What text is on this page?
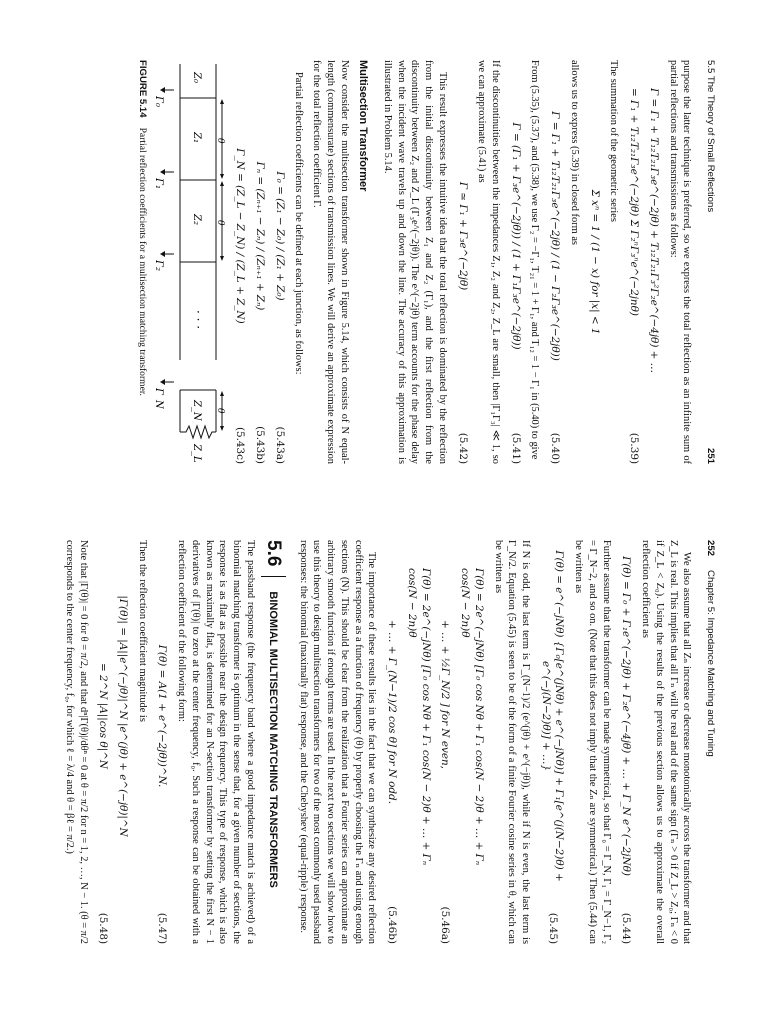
5.5 The Theory of Small Reflections
251

purpose the latter technique is preferred, so we express the total reflection as an infinite sum of partial reflections and transmissions as follows:

Γ = Γ₁ + T₁₂T₂₁Γ₃e^(−2jθ) + T₁₂T₂₁Γ₃²Γ₂e^(−4jθ) + …
= Γ₁ + T₁₂T₂₁Γ₃e^(−2jθ) Σ Γ₂ⁿΓ₃ⁿe^(−2jnθ)
(5.39)

The summation of the geometric series

Σ xⁿ = 1 / (1 − x) for |x| < 1

allows us to express (5.39) in closed form as

Γ = Γ₁ + T₁₂T₂₁Γ₃e^(−2jθ) / (1 − Γ₂Γ₃e^(−2jθ))
(5.40)

From (5.35), (5.37), and (5.38), we use Γ₂ = −Γ₁, T₂₁ = 1 + Γ₁, and T₁₂ = 1 − Γ₁ in (5.40) to give

Γ = (Γ₁ + Γ₃e^(−2jθ)) / (1 + Γ₁Γ₃e^(−2jθ))
(5.41)

If the discontinuities between the impedances Z₁, Z₂ and Z₂, Z_L are small, then |Γ₁Γ₃| ≪ 1, so we can approximate (5.41) as

Γ ≃ Γ₁ + Γ₃e^(−2jθ)
(5.42)

This result expresses the intuitive idea that the total reflection is dominated by the reflection from the initial discontinuity between Z₁ and Z₂ (Γ₁), and the first reflection from the discontinuity between Z₂ and Z_L (Γ₃e^(−2jθ)). The e^(−2jθ) term accounts for the phase delay when the incident wave travels up and down the line. The accuracy of this approximation is illustrated in Problem 5.14.

Multisection Transformer

Now consider the multisection transformer shown in Figure 5.14, which consists of N equal-length (commensurate) sections of transmission lines. We will derive an approximate expression for the total reflection coefficient Γ.

Partial reflection coefficients can be defined at each junction, as follows:

Γ₀ = (Z₁ − Z₀) / (Z₁ + Z₀)
(5.43a)
Γₙ = (Zₙ₊₁ − Zₙ) / (Zₙ₊₁ + Zₙ)
(5.43b)
Γ_N = (Z_L − Z_N) / (Z_L + Z_N)
(5.43c)
Z₀
Z₁
Z₂
· · ·
Z_N
Z_L
θ
θ
θ
Γ₀
Γ₁
Γ₂
Γ_N
FIGURE 5.14Partial reflection coefficients for a multisection matching transformer.
252
Chapter 5: Impedance Matching and Tuning

We also assume that all Zₙ increase or decrease monotonically across the transformer and that Z_L is real. This implies that all Γₙ will be real and of the same sign (Γₙ > 0 if Z_L > Z₀; Γₙ < 0 if Z_L < Z₀). Using the results of the previous section allows us to approximate the overall reflection coefficient as

Γ(θ) = Γ₀ + Γ₁e^(−2jθ) + Γ₂e^(−4jθ) + … + Γ_N e^(−2jNθ)
(5.44)

Further assume that the transformer can be made symmetrical, so that Γ₀ = Γ_N, Γ₁ = Γ_N−1, Γ₂ = Γ_N−2, and so on. (Note that this does not imply that the Zₙ are symmetrical.) Then (5.44) can be written as

Γ(θ) = e^(−jNθ) {Γ₀[e^(jNθ) + e^(−jNθ)] + Γ₁[e^(j(N−2)θ) + e^(−j(N−2)θ)] + …}
(5.45)

If N is odd, the last term is Γ_(N−1)/2 (e^(jθ) + e^(−jθ)), while if N is even, the last term is Γ_N/2. Equation (5.45) is seen to be of the form of a finite Fourier cosine series in θ, which can be written as

Γ(θ) = 2e^(−jNθ) [Γ₀ cos Nθ + Γ₁ cos(N − 2)θ + … + Γₙ cos(N − 2n)θ
+ … + ½Γ_N/2 ] for N even,
(5.46a)
Γ(θ) = 2e^(−jNθ) [Γ₀ cos Nθ + Γ₁ cos(N − 2)θ + … + Γₙ cos(N − 2n)θ
+ … + Γ_(N−1)/2 cos θ] for N odd.
(5.46b)

The importance of these results lies in the fact that we can synthesize any desired reflection coefficient response as a function of frequency (θ) by properly choosing the Γₙ and using enough sections (N). This should be clear from the realization that a Fourier series can approximate an arbitrary smooth function if enough terms are used. In the next two sections we will show how to use this theory to design multisection transformers for two of the most commonly used passband responses: the binomial (maximally flat) response, and the Chebyshev (equal-ripple) response.

5.6
BINOMIAL MULTISECTION MATCHING TRANSFORMERS

The passband response (the frequency band where a good impedance match is achieved) of a binomial matching transformer is optimum in the sense that, for a given number of sections, the response is as flat as possible near the design frequency. This type of response, which is also known as maximally flat, is determined for an N-section transformer by setting the first N − 1 derivatives of |Γ(θ)| to zero at the center frequency, f₀. Such a response can be obtained with a reflection coefficient of the following form:

Γ(θ) = A(1 + e^(−2jθ))^N.
(5.47)

Then the reflection coefficient magnitude is

|Γ(θ)| = |A||e^(−jθ)|^N |e^(jθ) + e^(−jθ)|^N
= 2^N |A||cos θ|^N
(5.48)

Note that |Γ(θ)| = 0 for θ = π/2, and that dⁿ|Γ(θ)|/dθⁿ = 0 at θ = π/2 for n = 1, 2, …, N − 1. (θ = π/2 corresponds to the center frequency, f₀, for which ℓ = λ/4 and θ = βℓ = π/2.)
